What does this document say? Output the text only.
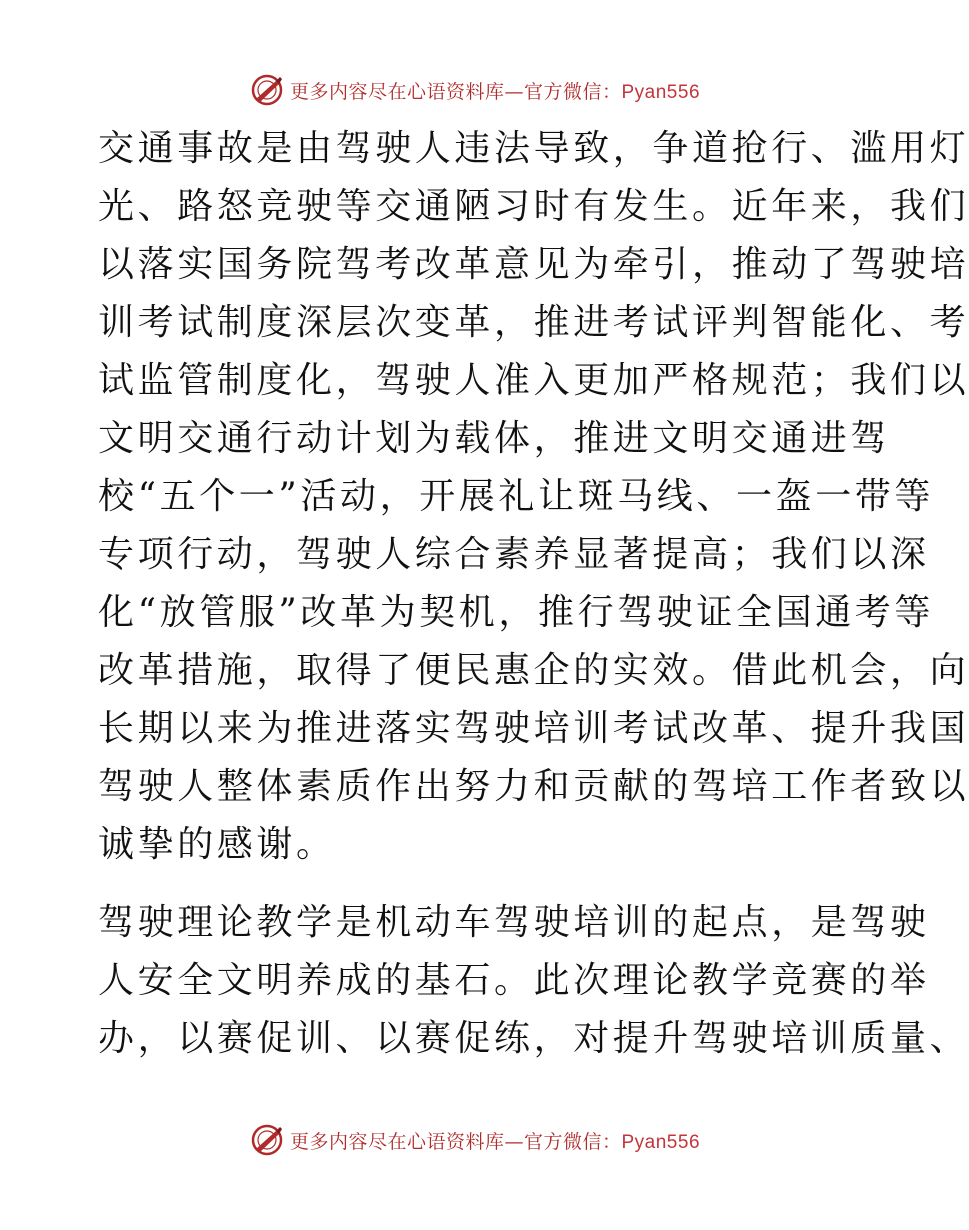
更多内容尽在心语资料库—官方微信：Pyan556
交通事故是由驾驶人违法导致，争道抢行、滥用灯
光、路怒竞驶等交通陋习时有发生。近年来，我们
以落实国务院驾考改革意见为牵引，推动了驾驶培
训考试制度深层次变革，推进考试评判智能化、考
试监管制度化，驾驶人准入更加严格规范；我们以
文明交通行动计划为载体，推进文明交通进驾
校“五个一”活动，开展礼让斑马线、一盔一带等
专项行动，驾驶人综合素养显著提高；我们以深
化“放管服”改革为契机，推行驾驶证全国通考等
改革措施，取得了便民惠企的实效。借此机会，向
长期以来为推进落实驾驶培训考试改革、提升我国
驾驶人整体素质作出努力和贡献的驾培工作者致以
诚挚的感谢。
驾驶理论教学是机动车驾驶培训的起点，是驾驶
人安全文明养成的基石。此次理论教学竞赛的举
办，以赛促训、以赛促练，对提升驾驶培训质量、
更多内容尽在心语资料库—官方微信：Pyan556
